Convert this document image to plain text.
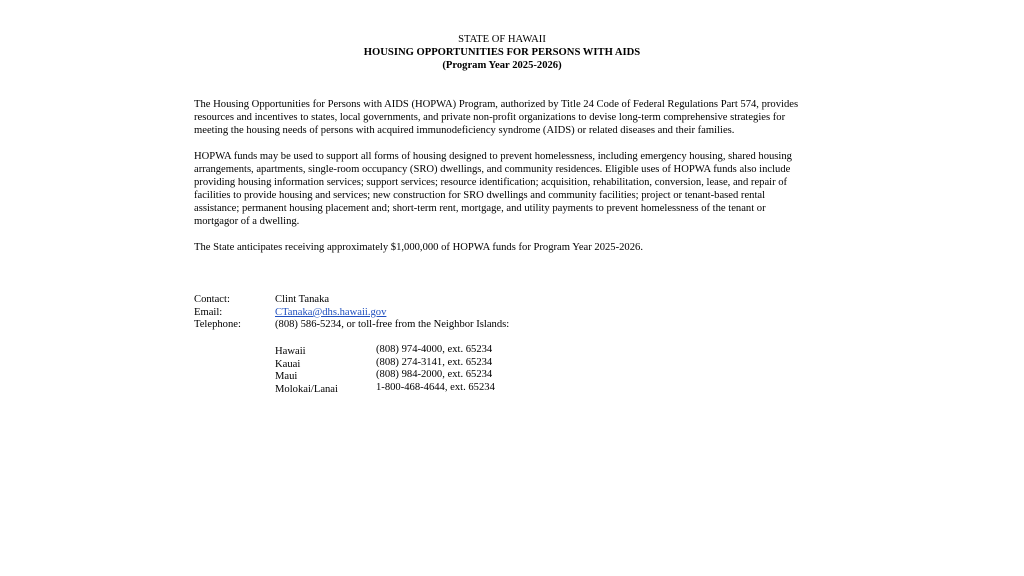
STATE OF HAWAII
HOUSING OPPORTUNITIES FOR PERSONS WITH AIDS
(Program Year 2025-2026)

The Housing Opportunities for Persons with AIDS (HOPWA) Program, authorized by Title 24 Code of Federal Regulations Part 574, provides resources and incentives to states, local governments, and private non-profit organizations to devise long-term comprehensive strategies for meeting the housing needs of persons with acquired immunodeficiency syndrome (AIDS) or related diseases and their families.

HOPWA funds may be used to support all forms of housing designed to prevent homelessness, including emergency housing, shared housing arrangements, apartments, single-room occupancy (SRO) dwellings, and community residences. Eligible uses of HOPWA funds also include providing housing information services; support services; resource identification; acquisition, rehabilitation, conversion, lease, and repair of facilities to provide housing and services; new construction for SRO dwellings and community facilities; project or tenant-based rental assistance; permanent housing placement and; short-term rent, mortgage, and utility payments to prevent homelessness of the tenant or mortgagor of a dwelling.

The State anticipates receiving approximately $1,000,000 of HOPWA funds for Program Year 2025-2026.

Contact:	Clint Tanaka
Email:	CTanaka@dhs.hawaii.gov
Telephone:	(808) 586-5234, or toll-free from the Neighbor Islands:
Hawaii	(808) 974-4000, ext. 65234
Kauai	(808) 274-3141, ext. 65234
Maui	(808) 984-2000, ext. 65234
Molokai/Lanai	1-800-468-4644, ext. 65234
